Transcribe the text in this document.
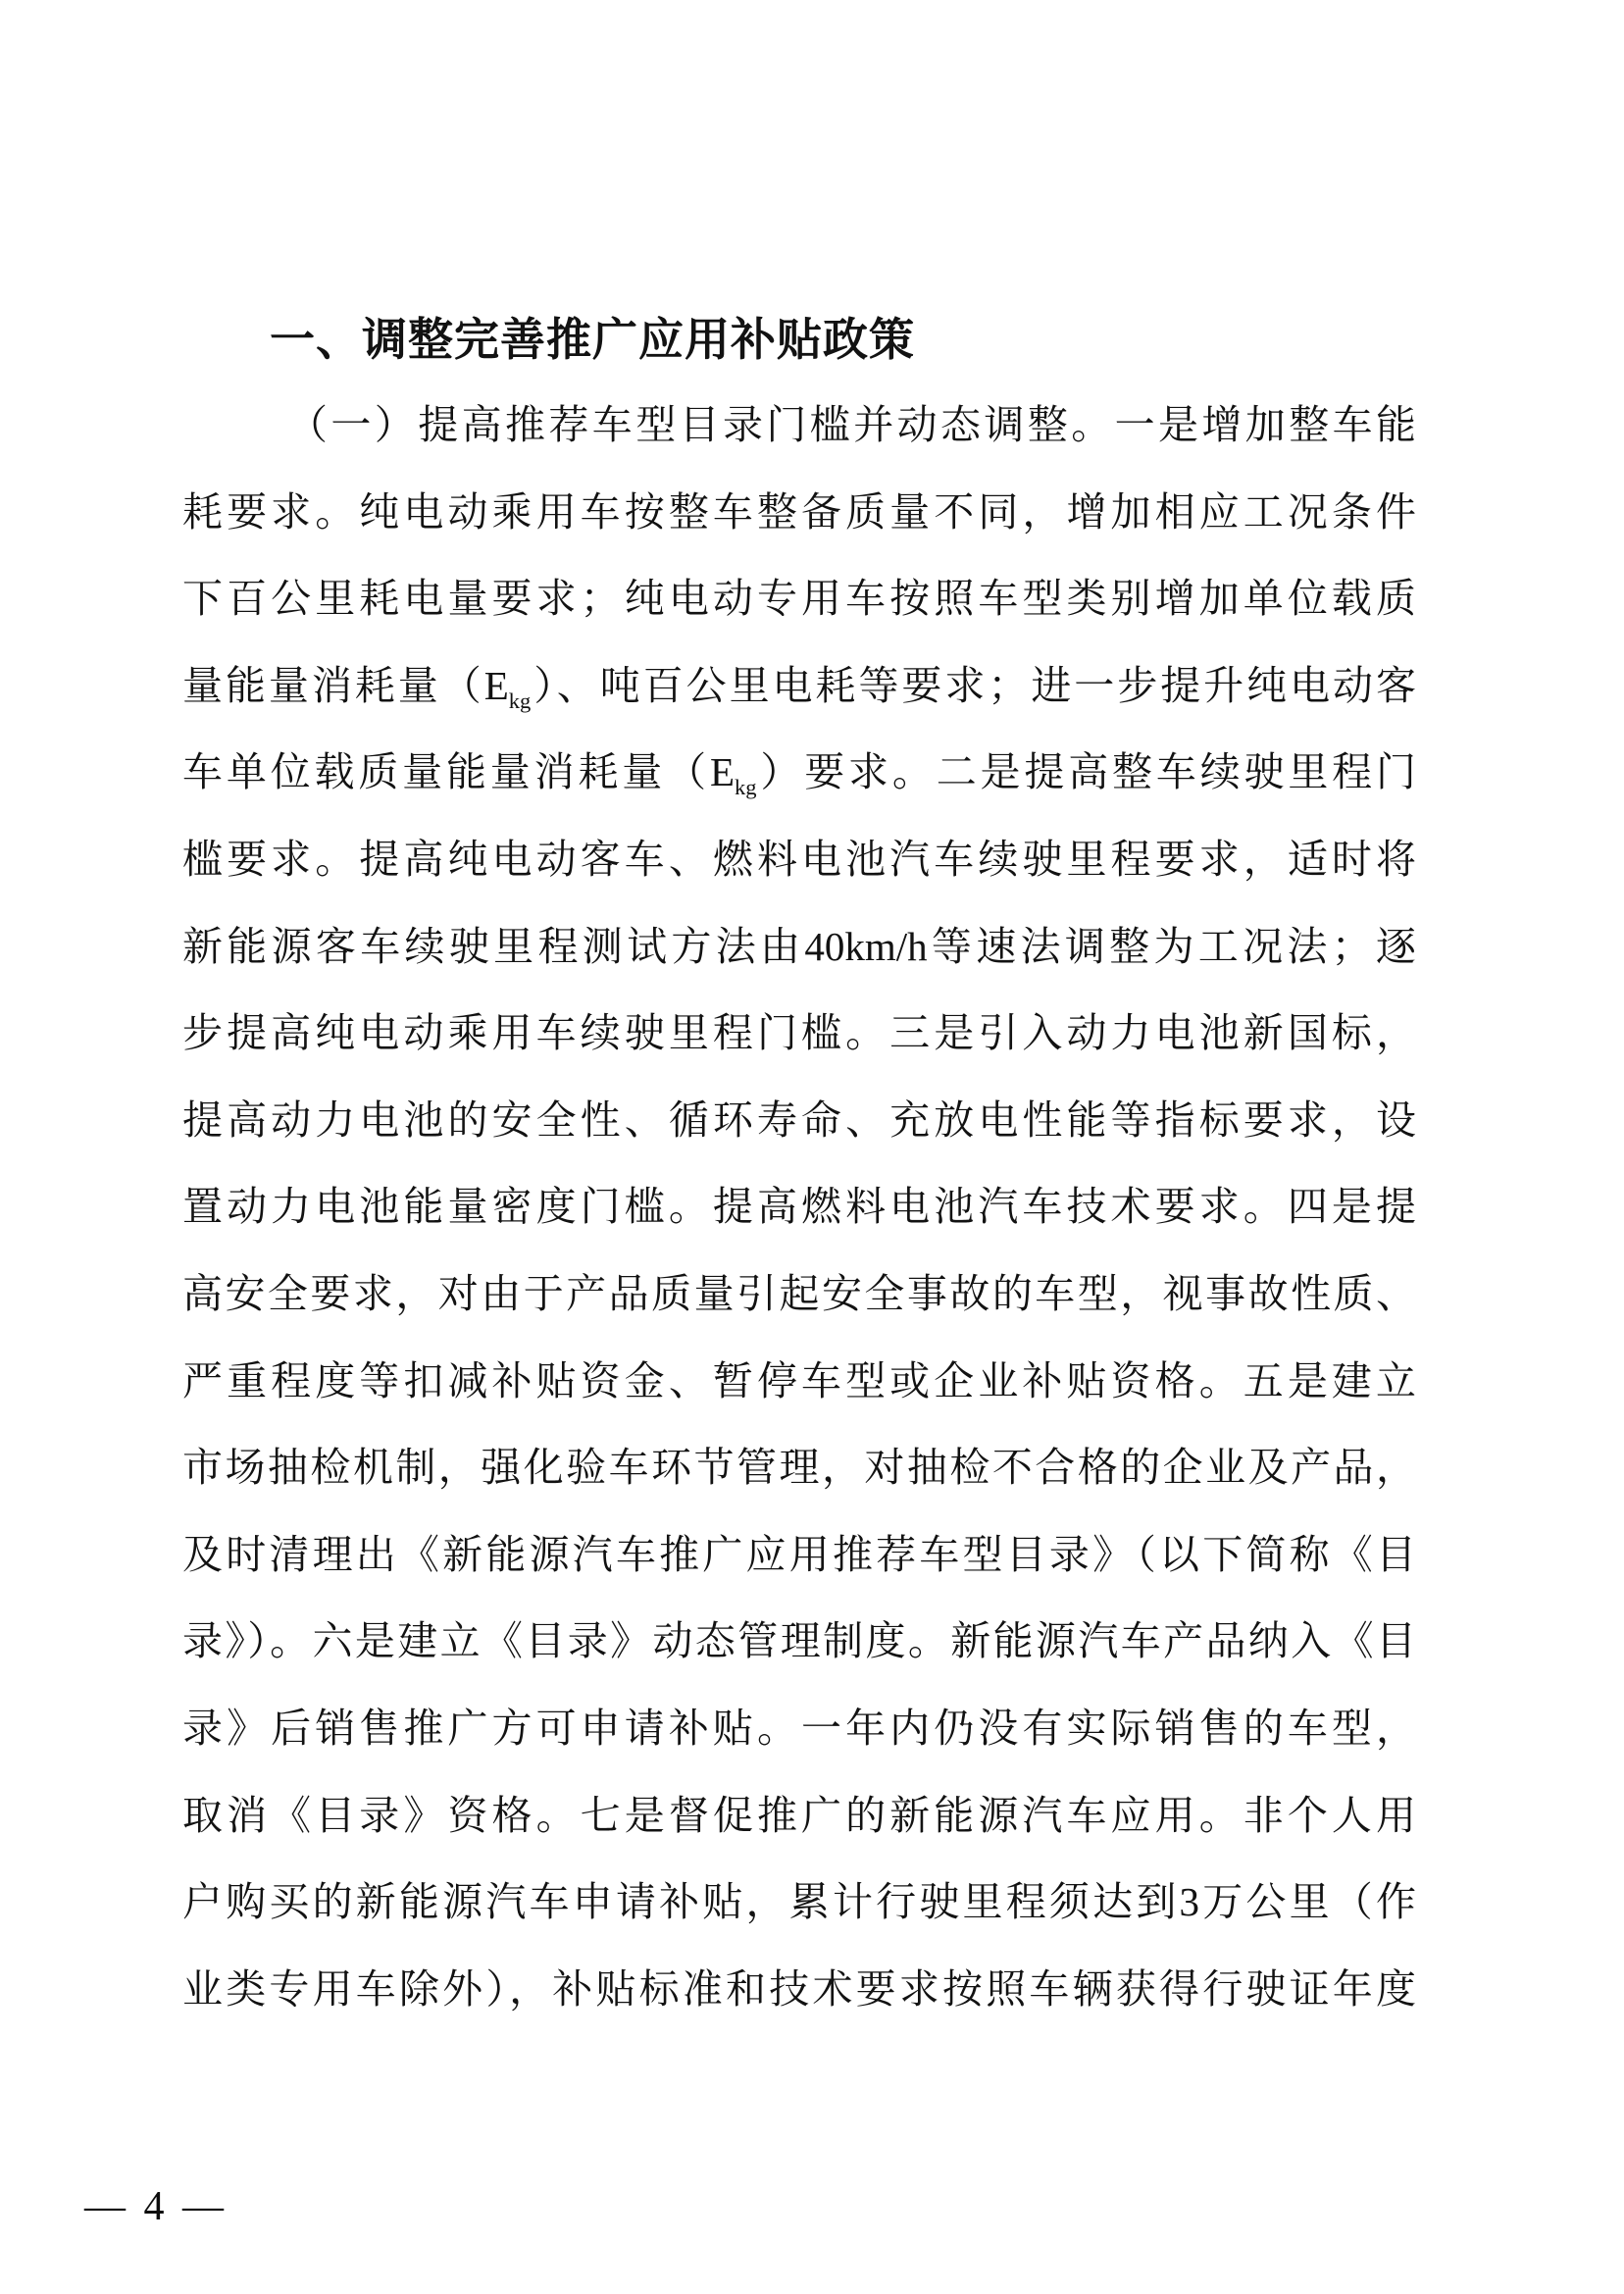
一、调整完善推广应用补贴政策
（一）提高推荐车型目录门槛并动态调整。一是增加整车能
耗要求。纯电动乘用车按整车整备质量不同，增加相应工况条件
下百公里耗电量要求；纯电动专用车按照车型类别增加单位载质
量能量消耗量$(E_{kg})$、吨百公里电耗等要求；进一步提升纯电动客
车单位载质量能量消耗量$(E_{kg})$要求。二是提高整车续驶里程门
槛要求。提高纯电动客车、燃料电池汽车续驶里程要求，适时将
新能源客车续驶里程测试方法由40km/h等速法调整为工况法；逐
步提高纯电动乘用车续驶里程门槛。三是引入动力电池新国标，
提高动力电池的安全性、循环寿命、充放电性能等指标要求，设
置动力电池能量密度门槛。提高燃料电池汽车技术要求。四是提
高安全要求，对由于产品质量引起安全事故的车型，视事故性质、
严重程度等扣减补贴资金、暂停车型或企业补贴资格。五是建立
市场抽检机制，强化验车环节管理，对抽检不合格的企业及产品，
及时清理出《新能源汽车推广应用推荐车型目录》（以下简称《目
录》）。六是建立《目录》动态管理制度。新能源汽车产品纳入《目
录》后销售推广方可申请补贴。一年内仍没有实际销售的车型，
取消《目录》资格。七是督促推广的新能源汽车应用。非个人用
户购买的新能源汽车申请补贴，累计行驶里程须达到3万公里（作
业类专用车除外），补贴标准和技术要求按照车辆获得行驶证年度
— 4 —
